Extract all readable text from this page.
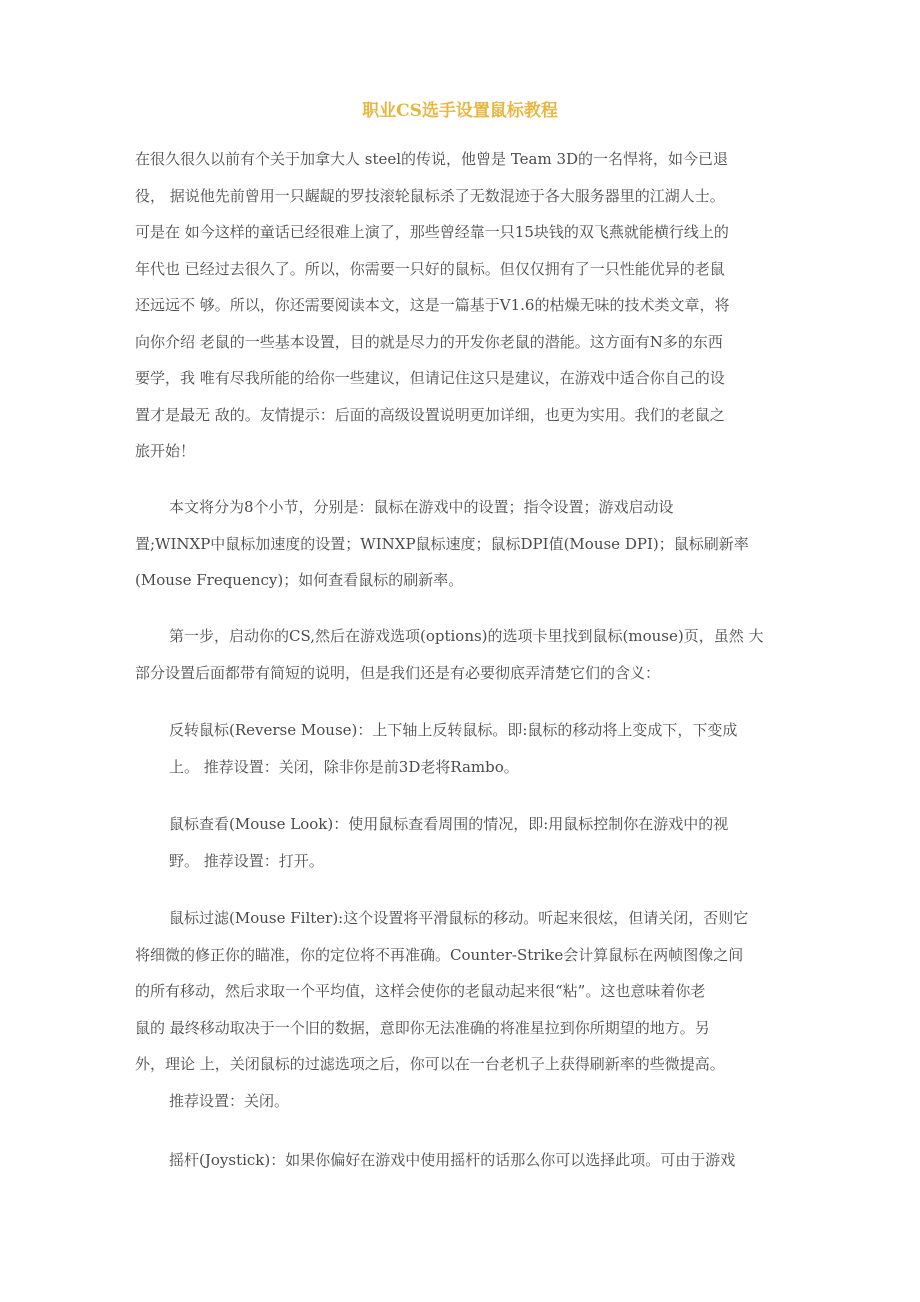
职业CS选手设置鼠标教程
在很久很久以前有个关于加拿大人 steel的传说，他曾是 Team 3D的一名悍将，如今已退
役， 据说他先前曾用一只龌龊的罗技滚轮鼠标杀了无数混迹于各大服务器里的江湖人士。
可是在 如今这样的童话已经很难上演了，那些曾经靠一只15块钱的双飞燕就能横行线上的
年代也 已经过去很久了。所以，你需要一只好的鼠标。但仅仅拥有了一只性能优异的老鼠
还远远不 够。所以，你还需要阅读本文，这是一篇基于V1.6的枯燥无味的技术类文章，将
向你介绍 老鼠的一些基本设置，目的就是尽力的开发你老鼠的潜能。这方面有N多的东西
要学，我 唯有尽我所能的给你一些建议，但请记住这只是建议，在游戏中适合你自己的设
置才是最无 敌的。友情提示：后面的高级设置说明更加详细，也更为实用。我们的老鼠之
旅开始！
本文将分为8个小节，分别是：鼠标在游戏中的设置；指令设置；游戏启动设
置;WINXP中鼠标加速度的设置；WINXP鼠标速度；鼠标DPI值(Mouse DPI)；鼠标刷新率
(Mouse Frequency)；如何查看鼠标的刷新率。
第一步，启动你的CS,然后在游戏选项(options)的选项卡里找到鼠标(mouse)页，虽然 大
部分设置后面都带有简短的说明，但是我们还是有必要彻底弄清楚它们的含义：
反转鼠标(Reverse Mouse)：上下轴上反转鼠标。即:鼠标的移动将上变成下，下变成
上。 推荐设置：关闭，除非你是前3D老将Rambo。
鼠标查看(Mouse Look)：使用鼠标查看周围的情况，即:用鼠标控制你在游戏中的视
野。 推荐设置：打开。
鼠标过滤(Mouse Filter):这个设置将平滑鼠标的移动。听起来很炫，但请关闭，否则它
将细微的修正你的瞄准，你的定位将不再准确。Counter-Strike会计算鼠标在两帧图像之间
的所有移动，然后求取一个平均值，这样会使你的老鼠动起来很“粘”。这也意味着你老
鼠的 最终移动取决于一个旧的数据，意即你无法准确的将准星拉到你所期望的地方。另
外，理论 上，关闭鼠标的过滤选项之后，你可以在一台老机子上获得刷新率的些微提高。
推荐设置：关闭。
摇杆(Joystick)：如果你偏好在游戏中使用摇杆的话那么你可以选择此项。可由于游戏
